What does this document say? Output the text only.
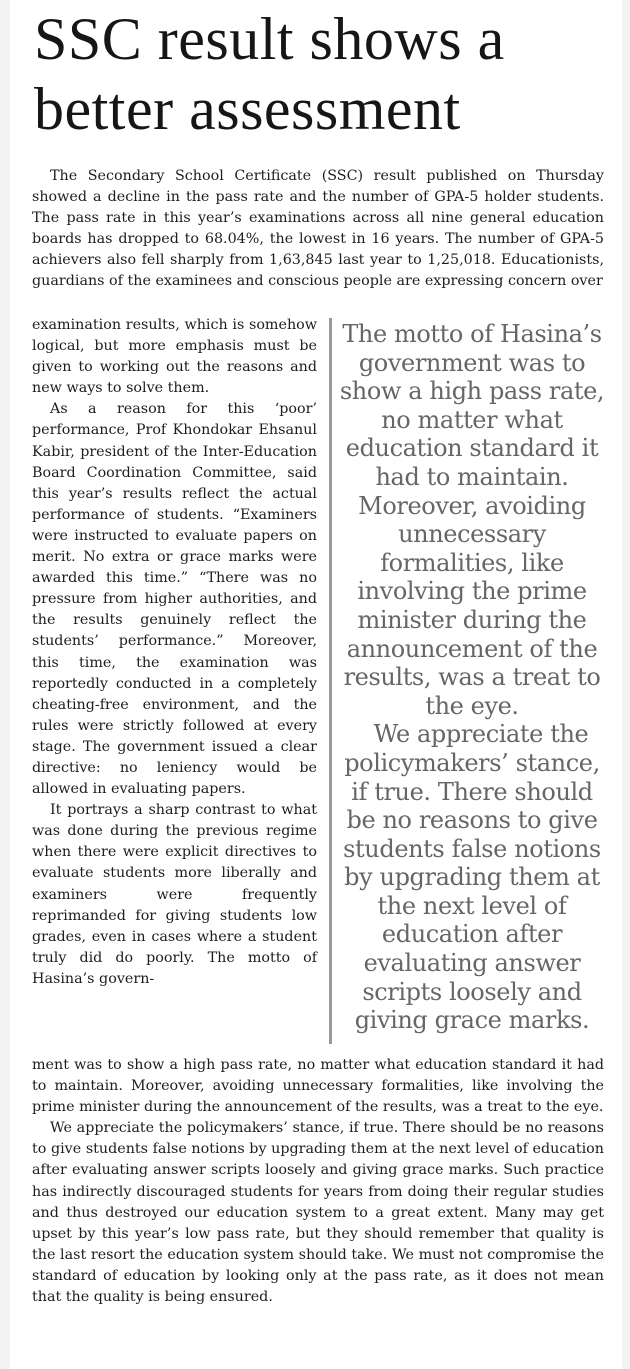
SSC result shows a
better assessment

The Secondary School Certificate (SSC) result published on Thursday showed a decline in the pass rate and the number of GPA-5 holder students. The pass rate in this year’s examinations across all nine general education boards has dropped to 68.04%, the lowest in 16 years. The number of GPA-5 achievers also fell sharply from 1,63,845 last year to 1,25,018. Educationists, guardians of the examinees and conscious people are expressing concern over

examination results, which is somehow logical, but more emphasis must be given to working out the reasons and new ways to solve them.

As a reason for this ‘poor’ performance, Prof Khondokar Ehsanul Kabir, president of the Inter-Education Board Coordination Committee, said this year’s results reflect the actual performance of students. “Examiners were instructed to evaluate papers on merit. No extra or grace marks were awarded this time.” “There was no pressure from higher authorities, and the results genuinely reflect the students’ performance.” Moreover, this time, the examination was reportedly conducted in a completely cheating-free environment, and the rules were strictly followed at every stage. The government issued a clear directive: no leniency would be allowed in evaluating papers.

It portrays a sharp contrast to what was done during the previous regime when there were explicit directives to evaluate students more liberally and examiners were frequently reprimanded for giving students low grades, even in cases where a student truly did do poorly. The motto of Hasina’s govern-

The motto of Hasina’s government was to show a high pass rate, no matter what education standard it had to maintain. Moreover, avoiding unnecessary formalities, like involving the prime minister during the announcement of the results, was a treat to the eye.

We appreciate the policymakers’ stance, if true. There should be no reasons to give students false notions by upgrading them at the next level of education after evaluating answer scripts loosely and giving grace marks.

ment was to show a high pass rate, no matter what education standard it had to maintain. Moreover, avoiding unnecessary formalities, like involving the prime minister during the announcement of the results, was a treat to the eye.

We appreciate the policymakers’ stance, if true. There should be no reasons to give students false notions by upgrading them at the next level of education after evaluating answer scripts loosely and giving grace marks. Such practice has indirectly discouraged students for years from doing their regular studies and thus destroyed our education system to a great extent. Many may get upset by this year’s low pass rate, but they should remember that quality is the last resort the education system should take. We must not compromise the standard of education by looking only at the pass rate, as it does not mean that the quality is being ensured.
